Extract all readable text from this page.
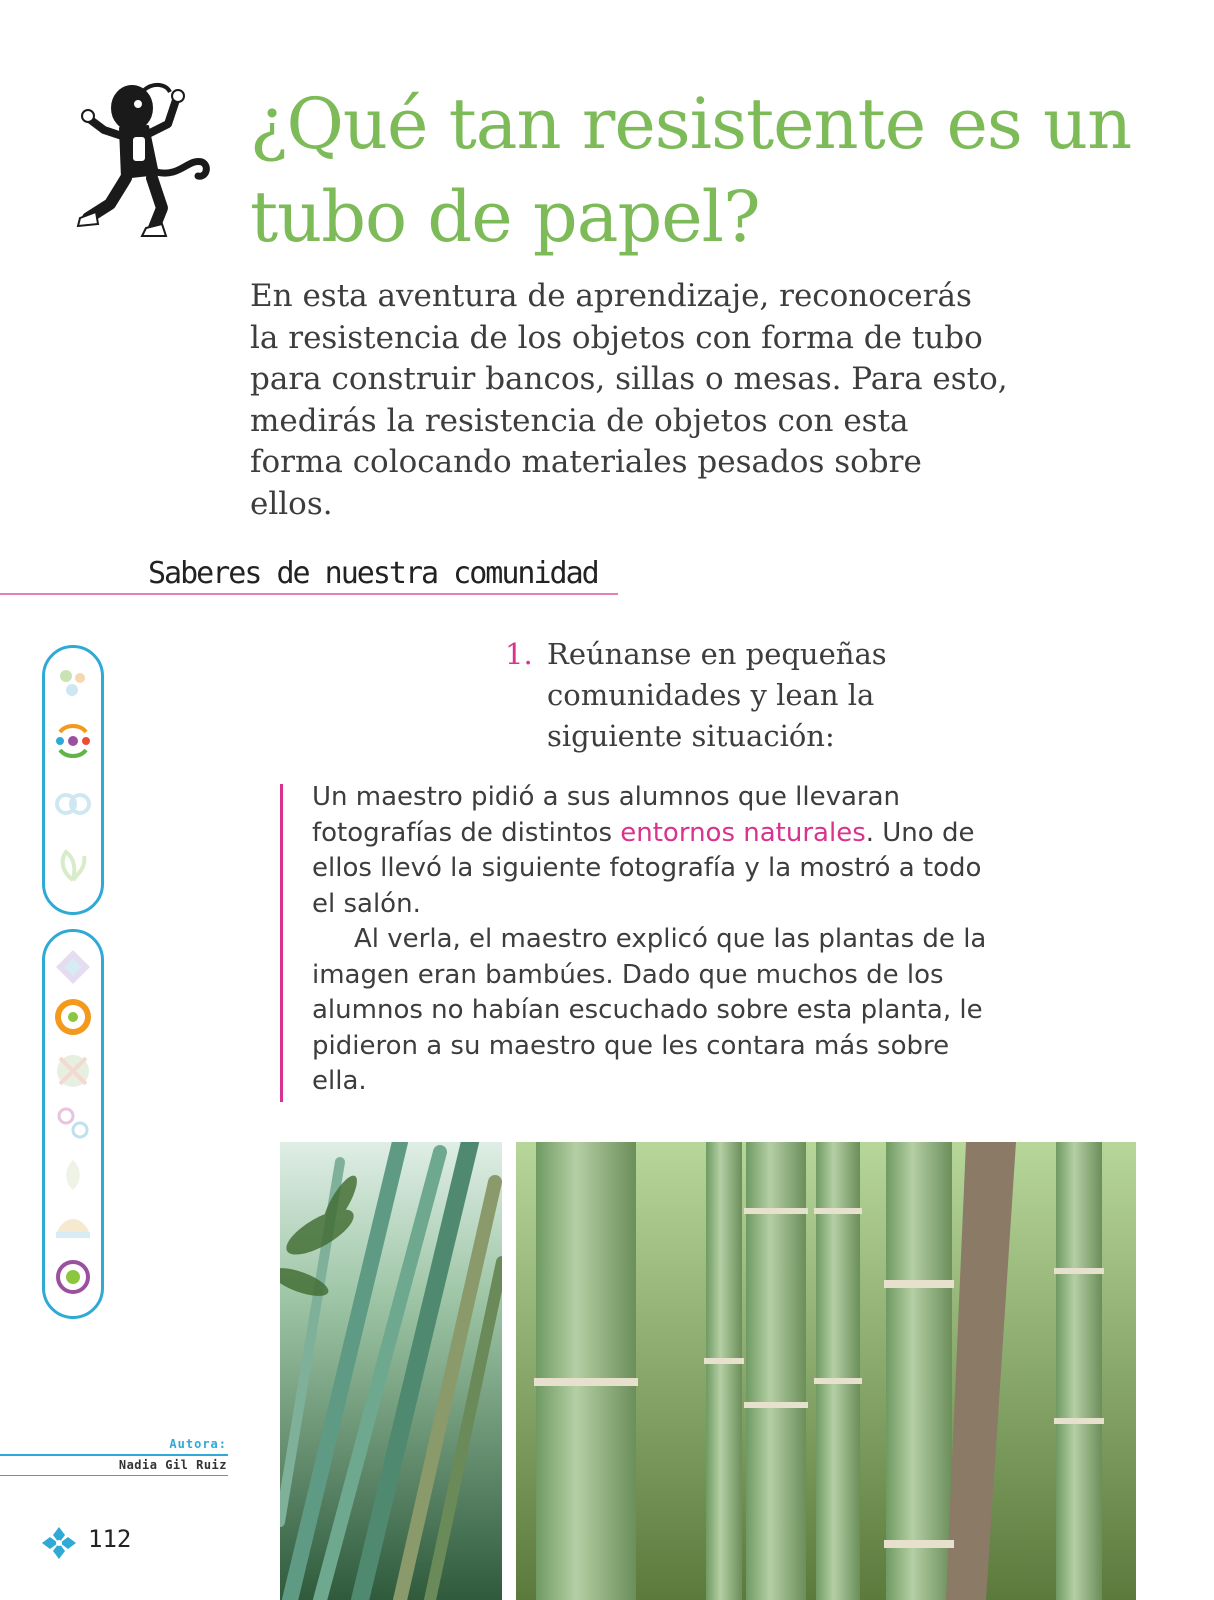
¿Qué tan resistente es un tubo de papel?

En esta aventura de aprendizaje, reconocerás la resistencia de los objetos con forma de tubo para construir bancos, sillas o mesas. Para esto, medirás la resistencia de objetos con esta forma colocando materiales pesados sobre ellos.

Saberes de nuestra comunidad
1. Reúnanse en pequeñas comunidades y lean la siguiente situación:

Un maestro pidió a sus alumnos que llevaran fotografías de distintos entornos naturales. Uno de ellos llevó la siguiente fotografía y la mostró a todo el salón.

Al verla, el maestro explicó que las plantas de la imagen eran bambúes. Dado que muchos de los alumnos no habían escuchado sobre esta planta, le pidieron a su maestro que les contara más sobre ella.

Autora:
Nadia Gil Ruiz
112
